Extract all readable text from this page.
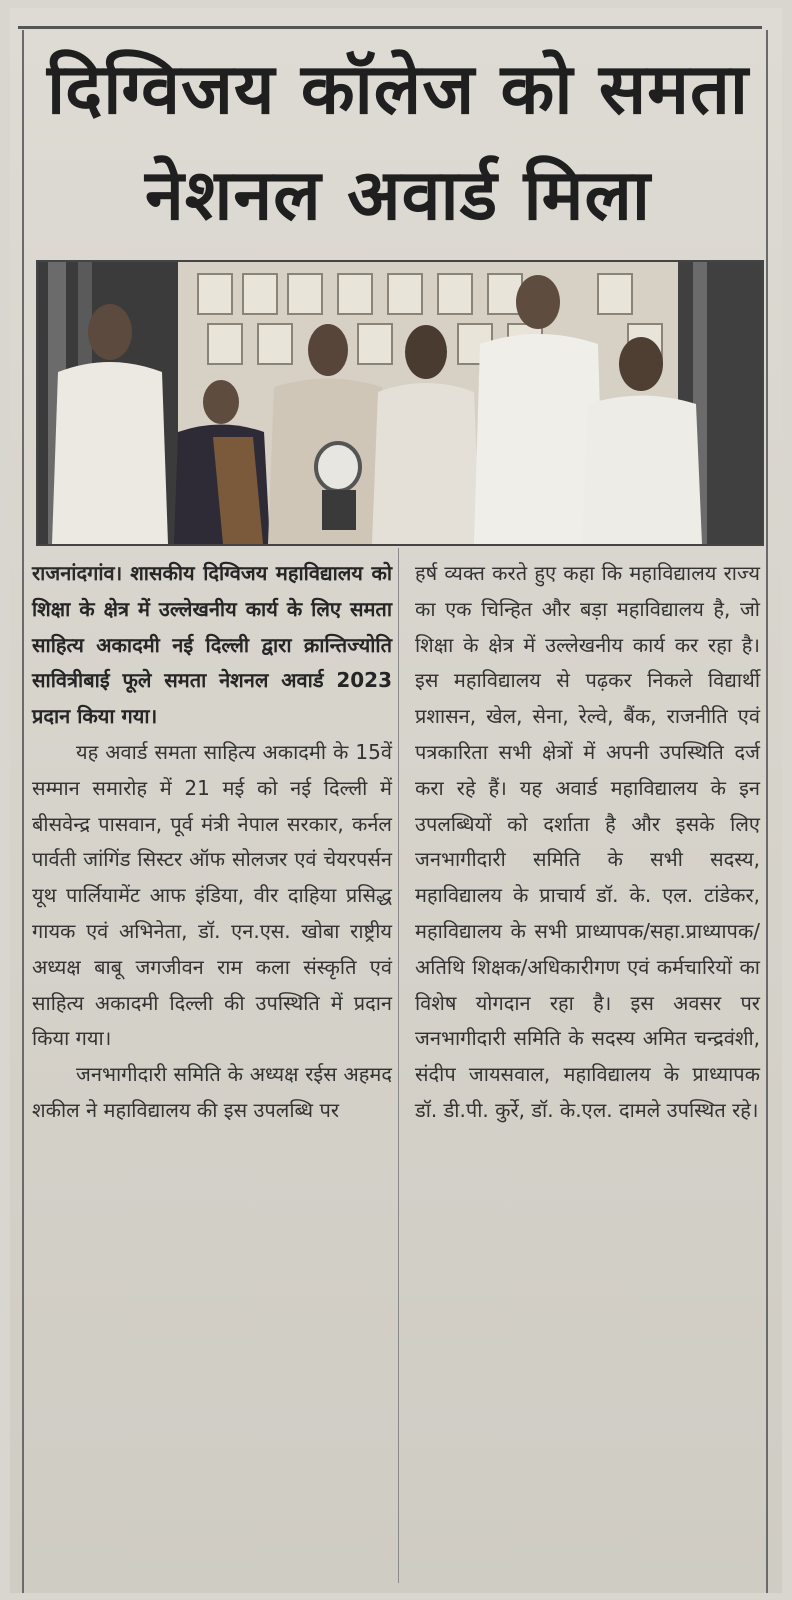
दिग्विजय कॉलेज को समता
नेशनल अवार्ड मिला

राजनांदगांव। शासकीय दिग्विजय महाविद्यालय को शिक्षा के क्षेत्र में उल्लेखनीय कार्य के लिए समता साहित्य अकादमी नई दिल्ली द्वारा क्रान्तिज्योति सावित्रीबाई फूले समता नेशनल अवार्ड 2023 प्रदान किया गया।

यह अवार्ड समता साहित्य अकादमी के 15वें सम्मान समारोह में 21 मई को नई दिल्ली में बीसवेन्द्र पासवान, पूर्व मंत्री नेपाल सरकार, कर्नल पार्वती जांगिंड सिस्टर ऑफ सोलजर एवं चेयरपर्सन यूथ पार्लियामेंट आफ इंडिया, वीर दाहिया प्रसिद्ध गायक एवं अभिनेता, डॉ. एन.एस. खोबा राष्ट्रीय अध्यक्ष बाबू जगजीवन राम कला संस्कृति एवं साहित्य अकादमी दिल्ली की उपस्थिति में प्रदान किया गया।

जनभागीदारी समिति के अध्यक्ष रईस अहमद शकील ने महाविद्यालय की इस उपलब्धि पर

हर्ष व्यक्त करते हुए कहा कि महाविद्यालय राज्य का एक चिन्हित और बड़ा महाविद्यालय है, जो शिक्षा के क्षेत्र में उल्लेखनीय कार्य कर रहा है। इस महाविद्यालय से पढ़कर निकले विद्यार्थी प्रशासन, खेल, सेना, रेल्वे, बैंक, राजनीति एवं पत्रकारिता सभी क्षेत्रों में अपनी उपस्थिति दर्ज करा रहे हैं। यह अवार्ड महाविद्यालय के इन उपलब्धियों को दर्शाता है और इसके लिए जनभागीदारी समिति के सभी सदस्य, महाविद्यालय के प्राचार्य डॉ. के. एल. टांडेकर, महाविद्यालय के सभी प्राध्यापक/सहा.प्राध्यापक/अतिथि शिक्षक/अधिकारीगण एवं कर्मचारियों का विशेष योगदान रहा है। इस अवसर पर जनभागीदारी समिति के सदस्य अमित चन्द्रवंशी, संदीप जायसवाल, महाविद्यालय के प्राध्यापक डॉ. डी.पी. कुर्रे, डॉ. के.एल. दामले उपस्थित रहे।
